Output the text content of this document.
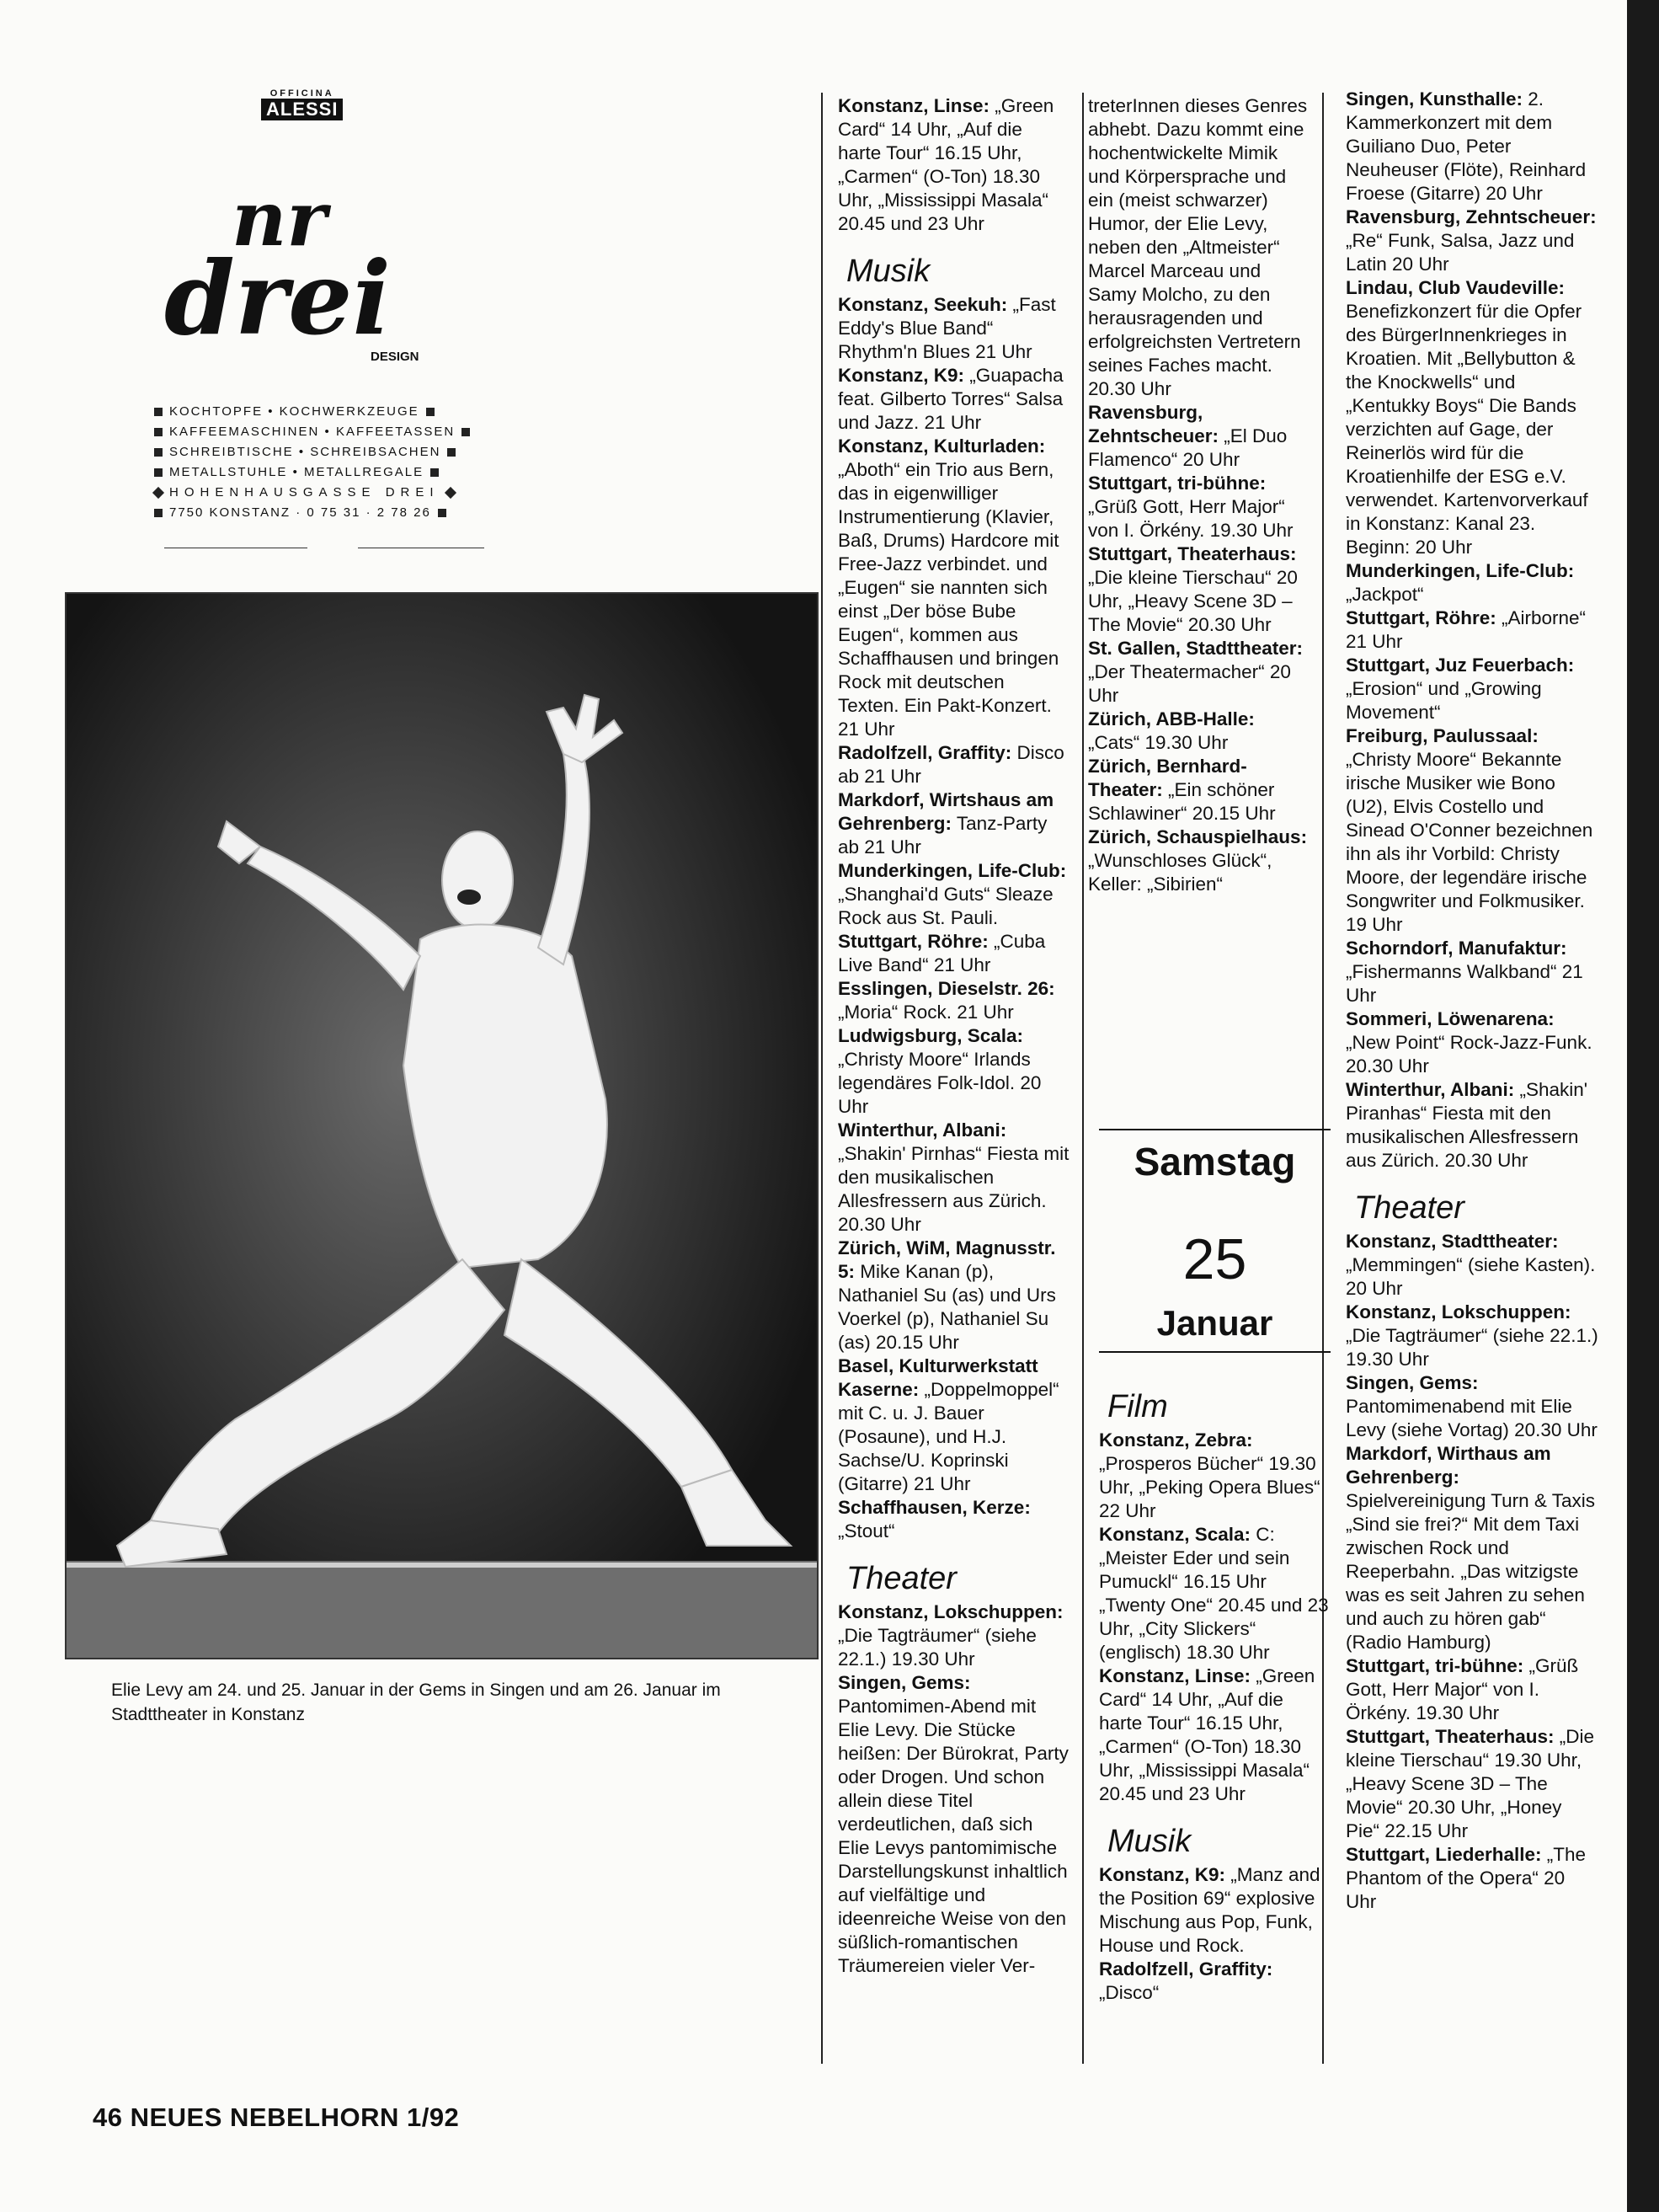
OFFICINA
ALESSI
nr
drei
DESIGN
KOCHTOPFE • KOCHWERKZEUGE
KAFFEEMASCHINEN • KAFFEETASSEN
SCHREIBTISCHE • SCHREIBSACHEN
METALLSTUHLE • METALLREGALE
HOHENHAUSGASSE DREI
7750 KONSTANZ · 0 75 31 · 2 78 26
Elie Levy am 24. und 25. Januar in der Gems in Singen und am 26. Januar im Stadttheater in Konstanz

Konstanz, Linse: „Green Card“ 14 Uhr, „Auf die harte Tour“ 16.15 Uhr, „Carmen“ (O-Ton) 18.30 Uhr, „Mississippi Masala“ 20.45 und 23 Uhr

Musik

Konstanz, Seekuh: „Fast Eddy's Blue Band“ Rhythm'n Blues 21 Uhr

Konstanz, K9: „Guapacha feat. Gilberto Torres“ Salsa und Jazz. 21 Uhr

Konstanz, Kulturladen: „Aboth“ ein Trio aus Bern, das in eigenwilliger Instrumentierung (Klavier, Baß, Drums) Hardcore mit Free-Jazz verbindet. und „Eugen“ sie nannten sich einst „Der böse Bube Eugen“, kommen aus Schaffhausen und bringen Rock mit deutschen Texten. Ein Pakt-Konzert. 21 Uhr

Radolfzell, Graffity: Disco ab 21 Uhr

Markdorf, Wirtshaus am Gehrenberg: Tanz-Party ab 21 Uhr

Munderkingen, Life-Club: „Shanghai'd Guts“ Sleaze Rock aus St. Pauli.

Stuttgart, Röhre: „Cuba Live Band“ 21 Uhr

Esslingen, Dieselstr. 26: „Moria“ Rock. 21 Uhr

Ludwigsburg, Scala: „Christy Moore“ Irlands legendäres Folk-Idol. 20 Uhr

Winterthur, Albani: „Shakin' Pirnhas“ Fiesta mit den musikalischen Allesfressern aus Zürich. 20.30 Uhr

Zürich, WiM, Magnusstr. 5: Mike Kanan (p), Nathaniel Su (as) und Urs Voerkel (p), Nathaniel Su (as) 20.15 Uhr

Basel, Kulturwerkstatt Kaserne: „Doppelmoppel“ mit C. u. J. Bauer (Posaune), und H.J. Sachse/U. Koprinski (Gitarre) 21 Uhr

Schaffhausen, Kerze: „Stout“

Theater

Konstanz, Lokschuppen: „Die Tagträumer“ (siehe 22.1.) 19.30 Uhr

Singen, Gems: Pantomimen-Abend mit Elie Levy. Die Stücke heißen: Der Bürokrat, Party oder Drogen. Und schon allein diese Titel verdeutlichen, daß sich Elie Levys pantomimische Darstellungskunst inhaltlich auf vielfältige und ideenreiche Weise von den süßlich-romantischen Träumereien vieler Ver-

treterInnen dieses Genres abhebt. Dazu kommt eine hochentwickelte Mimik und Körpersprache und ein (meist schwarzer) Humor, der Elie Levy, neben den „Altmeister“ Marcel Marceau und Samy Molcho, zu den herausragenden und erfolgreichsten Vertretern seines Faches macht. 20.30 Uhr

Ravensburg, Zehntscheuer: „El Duo Flamenco“ 20 Uhr

Stuttgart, tri-bühne: „Grüß Gott, Herr Major“ von I. Örkény. 19.30 Uhr

Stuttgart, Theaterhaus: „Die kleine Tierschau“ 20 Uhr, „Heavy Scene 3D – The Movie“ 20.30 Uhr

St. Gallen, Stadttheater: „Der Theatermacher“ 20 Uhr

Zürich, ABB-Halle: „Cats“ 19.30 Uhr

Zürich, Bernhard-Theater: „Ein schöner Schlawiner“ 20.15 Uhr

Zürich, Schauspielhaus: „Wunschloses Glück“, Keller: „Sibirien“

Samstag
25
Januar
Film

Konstanz, Zebra: „Prosperos Bücher“ 19.30 Uhr, „Peking Opera Blues“ 22 Uhr

Konstanz, Scala: C: „Meister Eder und sein Pumuckl“ 16.15 Uhr „Twenty One“ 20.45 und 23 Uhr, „City Slickers“ (englisch) 18.30 Uhr

Konstanz, Linse: „Green Card“ 14 Uhr, „Auf die harte Tour“ 16.15 Uhr, „Carmen“ (O-Ton) 18.30 Uhr, „Mississippi Masala“ 20.45 und 23 Uhr

Musik

Konstanz, K9: „Manz and the Position 69“ explosive Mischung aus Pop, Funk, House und Rock.

Radolfzell, Graffity: „Disco“

Singen, Kunsthalle: 2. Kammerkonzert mit dem Guiliano Duo, Peter Neuheuser (Flöte), Reinhard Froese (Gitarre) 20 Uhr

Ravensburg, Zehntscheuer: „Re“ Funk, Salsa, Jazz und Latin 20 Uhr

Lindau, Club Vaudeville: Benefizkonzert für die Opfer des BürgerInnenkrieges in Kroatien. Mit „Bellybutton & the Knockwells“ und „Kentukky Boys“ Die Bands verzichten auf Gage, der Reinerlös wird für die Kroatienhilfe der ESG e.V. verwendet. Kartenvorverkauf in Konstanz: Kanal 23. Beginn: 20 Uhr

Munderkingen, Life-Club: „Jackpot“

Stuttgart, Röhre: „Airborne“ 21 Uhr

Stuttgart, Juz Feuerbach: „Erosion“ und „Growing Movement“

Freiburg, Paulussaal: „Christy Moore“ Bekannte irische Musiker wie Bono (U2), Elvis Costello und Sinead O'Conner bezeichnen ihn als ihr Vorbild: Christy Moore, der legendäre irische Songwriter und Folkmusiker. 19 Uhr

Schorndorf, Manufaktur: „Fishermanns Walkband“ 21 Uhr

Sommeri, Löwenarena: „New Point“ Rock-Jazz-Funk. 20.30 Uhr

Winterthur, Albani: „Shakin' Piranhas“ Fiesta mit den musikalischen Allesfressern aus Zürich. 20.30 Uhr

Theater

Konstanz, Stadttheater: „Memmingen“ (siehe Kasten). 20 Uhr

Konstanz, Lokschuppen: „Die Tagträumer“ (siehe 22.1.) 19.30 Uhr

Singen, Gems: Pantomimenabend mit Elie Levy (siehe Vortag) 20.30 Uhr

Markdorf, Wirthaus am Gehrenberg: Spielvereinigung Turn & Taxis „Sind sie frei?“ Mit dem Taxi zwischen Rock und Reeperbahn. „Das witzigste was es seit Jahren zu sehen und auch zu hören gab“ (Radio Hamburg)

Stuttgart, tri-bühne: „Grüß Gott, Herr Major“ von I. Örkény. 19.30 Uhr

Stuttgart, Theaterhaus: „Die kleine Tierschau“ 19.30 Uhr, „Heavy Scene 3D – The Movie“ 20.30 Uhr, „Honey Pie“ 22.15 Uhr

Stuttgart, Liederhalle: „The Phantom of the Opera“ 20 Uhr

46 NEUES NEBELHORN 1/92
